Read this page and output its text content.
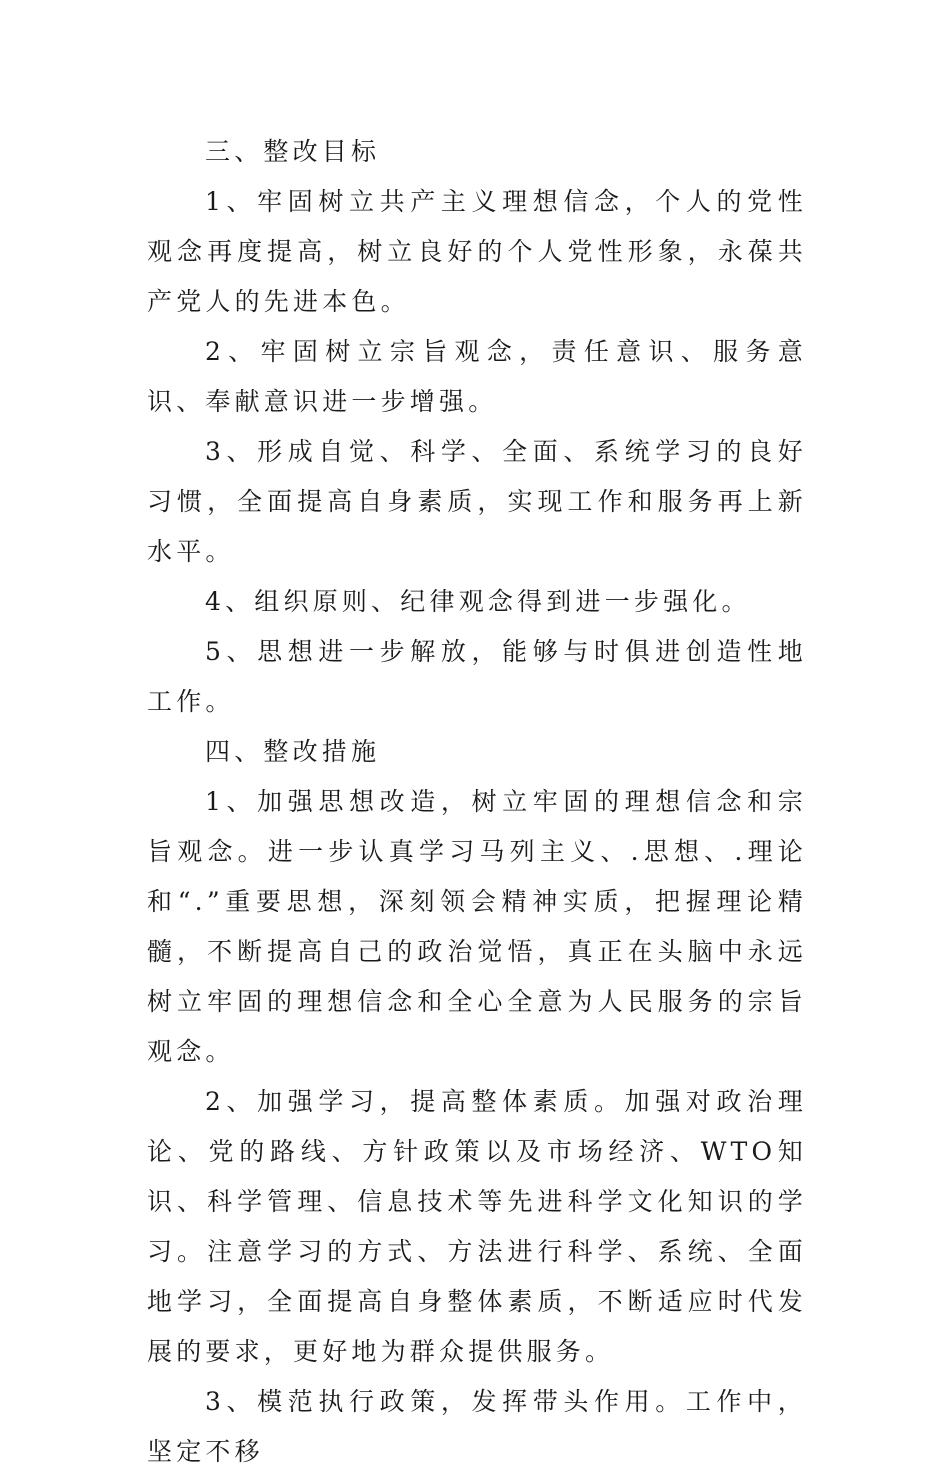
三、整改目标

1、牢固树立共产主义理想信念，个人的党性观念再度提高，树立良好的个人党性形象，永葆共产党人的先进本色。

2、牢固树立宗旨观念，责任意识、服务意识、奉献意识进一步增强。

3、形成自觉、科学、全面、系统学习的良好习惯，全面提高自身素质，实现工作和服务再上新水平。

4、组织原则、纪律观念得到进一步强化。

5、思想进一步解放，能够与时俱进创造性地工作。

四、整改措施

1、加强思想改造，树立牢固的理想信念和宗旨观念。进一步认真学习马列主义、.思想、.理论和“.”重要思想，深刻领会精神实质，把握理论精髓，不断提高自己的政治觉悟，真正在头脑中永远树立牢固的理想信念和全心全意为人民服务的宗旨观念。

2、加强学习，提高整体素质。加强对政治理论、党的路线、方针政策以及市场经济、WTO知识、科学管理、信息技术等先进科学文化知识的学习。注意学习的方式、方法进行科学、系统、全面地学习，全面提高自身整体素质，不断适应时代发展的要求，更好地为群众提供服务。

3、模范执行政策，发挥带头作用。工作中，坚定不移
